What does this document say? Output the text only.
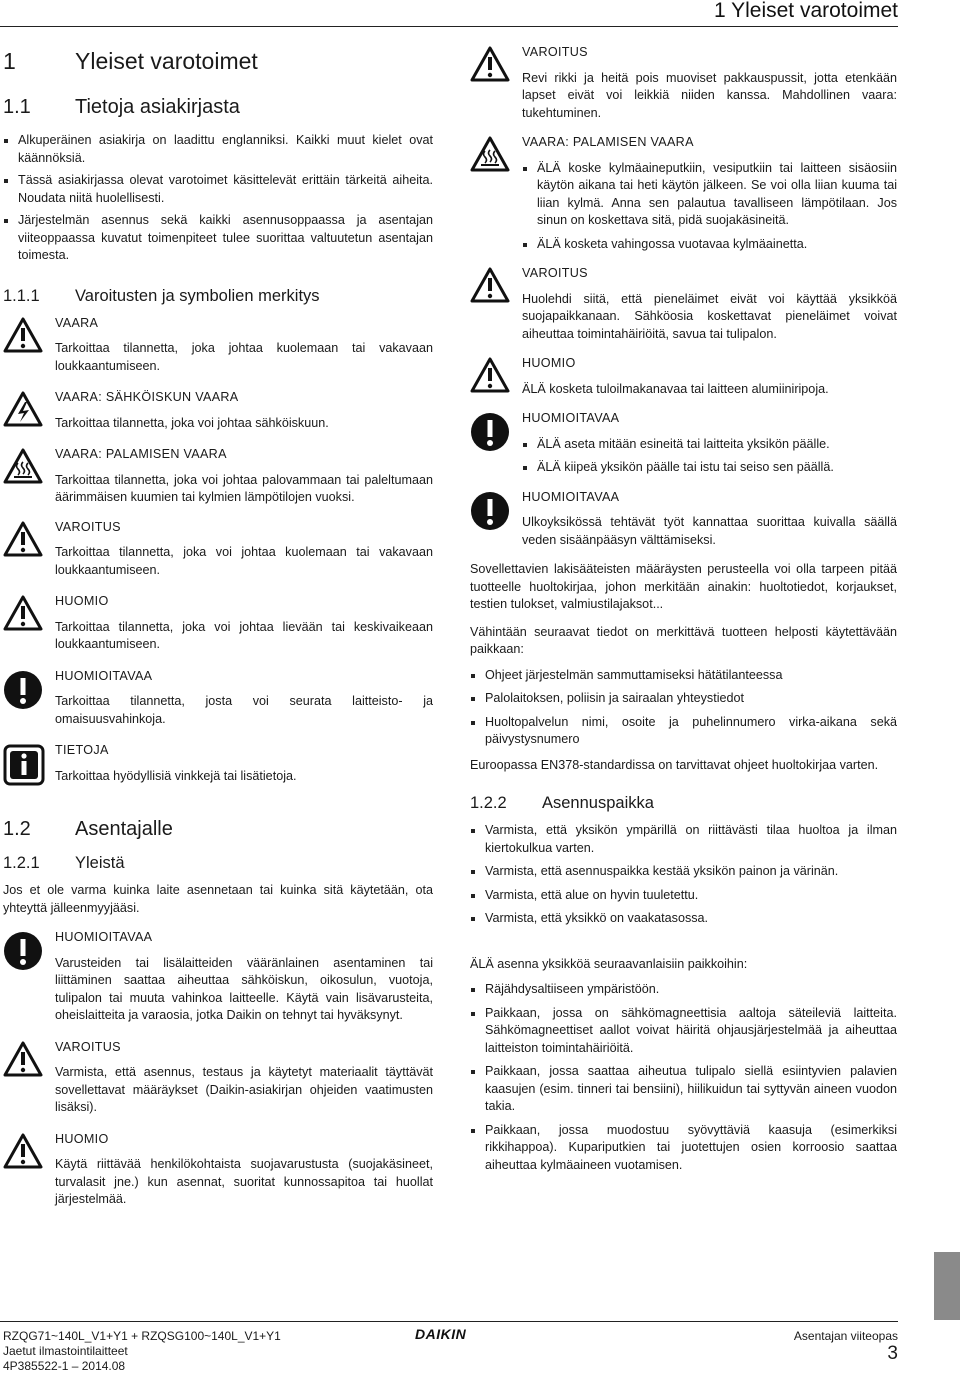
1 Yleiset varotoimet
1	Yleiset varotoimet
1.1	Tietoja asiakirjasta
Alkuperäinen asiakirja on laadittu englanniksi. Kaikki muut kielet ovat käännöksiä.
Tässä asiakirjassa olevat varotoimet käsittelevät erittäin tärkeitä aiheita. Noudata niitä huolellisesti.
Järjestelmän asennus sekä kaikki asennusoppaassa ja asentajan viiteoppaassa kuvatut toimenpiteet tulee suorittaa valtuutetun asentajan toimesta.
1.1.1	Varoitusten ja symbolien merkitys
VAARA

Tarkoittaa tilannetta, joka johtaa kuolemaan tai vakavaan loukkaantumiseen.

VAARA: SÄHKÖISKUN VAARA

Tarkoittaa tilannetta, joka voi johtaa sähköiskuun.

VAARA: PALAMISEN VAARA

Tarkoittaa tilannetta, joka voi johtaa palovammaan tai paleltumaan äärimmäisen kuumien tai kylmien lämpötilojen vuoksi.

VAROITUS

Tarkoittaa tilannetta, joka voi johtaa kuolemaan tai vakavaan loukkaantumiseen.

HUOMIO

Tarkoittaa tilannetta, joka voi johtaa lievään tai keskivaikeaan loukkaantumiseen.

HUOMIOITAVAA

Tarkoittaa tilannetta, josta voi seurata laitteisto- ja omaisuusvahinkoja.

TIETOJA

Tarkoittaa hyödyllisiä vinkkejä tai lisätietoja.

1.2	Asentajalle
1.2.1	Yleistä

Jos et ole varma kuinka laite asennetaan tai kuinka sitä käytetään, ota yhteyttä jälleenmyyjääsi.

HUOMIOITAVAA

Varusteiden tai lisälaitteiden vääränlainen asentaminen tai liittäminen saattaa aiheuttaa sähköiskun, oikosulun, vuotoja, tulipalon tai muuta vahinkoa laitteelle. Käytä vain lisävarusteita, oheislaitteita ja varaosia, jotka Daikin on tehnyt tai hyväksynyt.

VAROITUS

Varmista, että asennus, testaus ja käytetyt materiaalit täyttävät sovellettavat määräykset (Daikin-asiakirjan ohjeiden vaatimusten lisäksi).

HUOMIO

Käytä riittävää henkilökohtaista suojavarustusta (suojakäsineet, turvalasit jne.) kun asennat, suoritat kunnossapitoa tai huollat järjestelmää.

VAROITUS

Revi rikki ja heitä pois muoviset pakkauspussit, jotta etenkään lapset eivät voi leikkiä niiden kanssa. Mahdollinen vaara: tukehtuminen.

VAARA: PALAMISEN VAARA
ÄLÄ koske kylmäaineputkiin, vesiputkiin tai laitteen sisäosiin käytön aikana tai heti käytön jälkeen. Se voi olla liian kuuma tai liian kylmä. Anna sen palautua tavalliseen lämpötilaan. Jos sinun on koskettava sitä, pidä suojakäsineitä.
ÄLÄ kosketa vahingossa vuotavaa kylmäainetta.
VAROITUS

Huolehdi siitä, että pieneläimet eivät voi käyttää yksikköä suojapaikkanaan. Sähköosia koskettavat pieneläimet voivat aiheuttaa toimintahäiriöitä, savua tai tulipalon.

HUOMIO

ÄLÄ kosketa tuloilmakanavaa tai laitteen alumiiniripoja.

HUOMIOITAVAA
ÄLÄ aseta mitään esineitä tai laitteita yksikön päälle.
ÄLÄ kiipeä yksikön päälle tai istu tai seiso sen päällä.
HUOMIOITAVAA

Ulkoyksikössä tehtävät työt kannattaa suorittaa kuivalla säällä veden sisäänpääsyn välttämiseksi.

Sovellettavien lakisääteisten määräysten perusteella voi olla tarpeen pitää tuotteelle huoltokirjaa, johon merkitään ainakin: huoltotiedot, korjaukset, testien tulokset, valmiustilajaksot...

Vähintään seuraavat tiedot on merkittävä tuotteen helposti käytettävään paikkaan:

Ohjeet järjestelmän sammuttamiseksi hätätilanteessa
Palolaitoksen, poliisin ja sairaalan yhteystiedot
Huoltopalvelun nimi, osoite ja puhelinnumero virka-aikana sekä päivystysnumero

Euroopassa EN378-standardissa on tarvittavat ohjeet huoltokirjaa varten.

1.2.2	Asennuspaikka
Varmista, että yksikön ympärillä on riittävästi tilaa huoltoa ja ilman kiertokulkua varten.
Varmista, että asennuspaikka kestää yksikön painon ja värinän.
Varmista, että alue on hyvin tuuletettu.
Varmista, että yksikkö on vaakatasossa.

ÄLÄ asenna yksikköä seuraavanlaisiin paikkoihin:

Räjähdysaltiiseen ympäristöön.
Paikkaan, jossa on sähkömagneettisia aaltoja säteileviä laitteita. Sähkömagneettiset aallot voivat häiritä ohjausjärjestelmää ja aiheuttaa laitteiston toimintahäiriöitä.
Paikkaan, jossa saattaa aiheutua tulipalo siellä esiintyvien palavien kaasujen (esim. tinneri tai bensiini), hiilikuidun tai syttyvän aineen vuodon takia.
Paikkaan, jossa muodostuu syövyttäviä kaasuja (esimerkiksi rikkihappoa). Kupariputkien tai juotettujen osien korroosio saattaa aiheuttaa kylmäaineen vuotamisen.
RZQG71~140L_V1+Y1 + RZQSG100~140L_V1+Y1
Jaetut ilmastointilaitteet
4P385522-1 – 2014.08
DAIKIN	Asentajan viiteopas
3
